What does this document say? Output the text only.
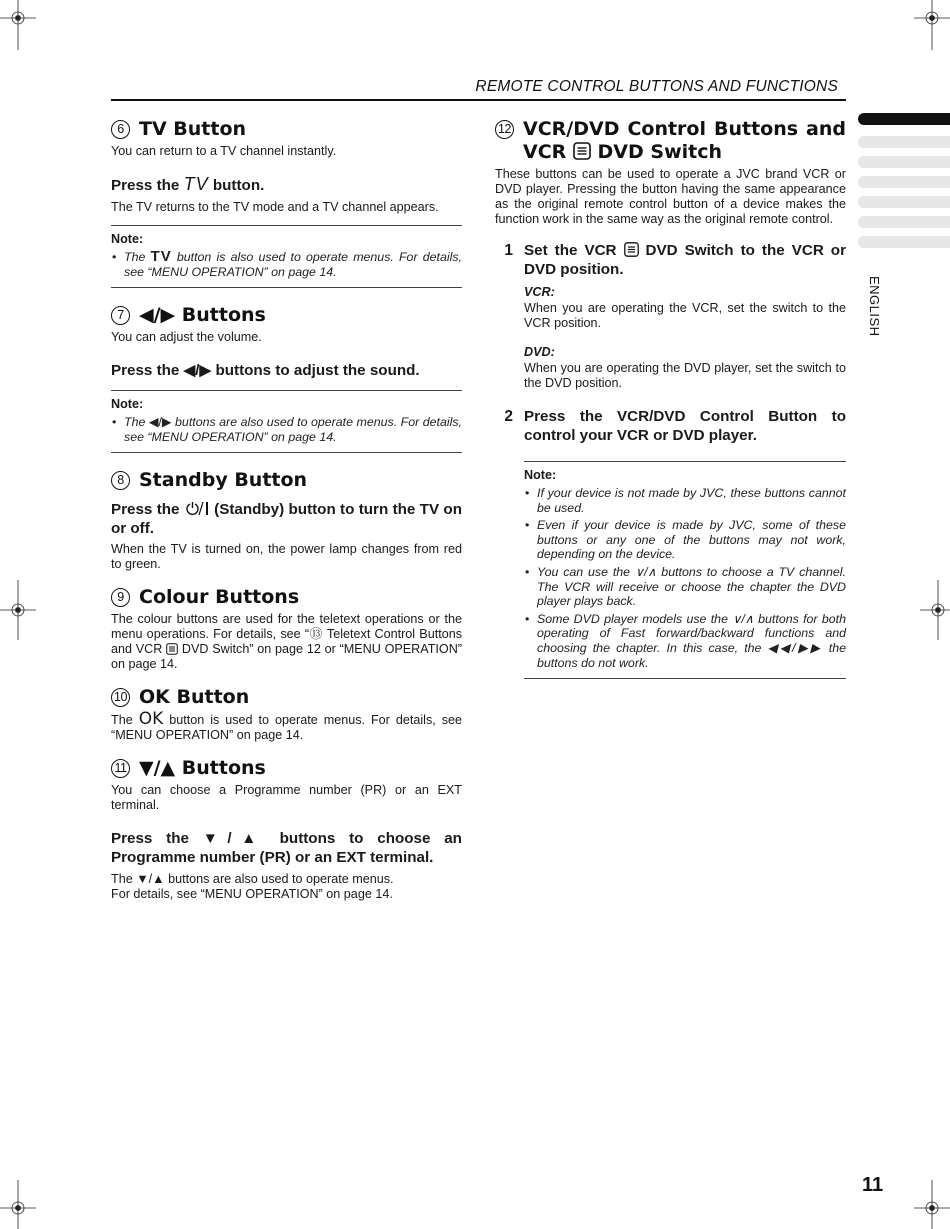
REMOTE CONTROL BUTTONS AND FUNCTIONS
ENGLISH
6 TV Button

You can return to a TV channel instantly.

Press the TV button.

The TV returns to the TV mode and a TV channel appears.

Note:
• The TV button is also used to operate menus. For details, see “MENU OPERATION” on page 14.
7 ◀/▶ Buttons

You can adjust the volume.

Press the ◀/▶ buttons to adjust the sound.

Note:
• The ◀/▶ buttons are also used to operate menus. For details, see “MENU OPERATION” on page 14.
8 Standby Button

Press the (Standby) button to turn the TV on or off.

When the TV is turned on, the power lamp changes from red to green.

9 Colour Buttons

The colour buttons are used for the teletext operations or the menu operations. For details, see “⑬ Teletext Control Buttons and VCR DVD Switch” on page 12 or “MENU OPERATION” on page 14.

10 OK Button

The OK button is used to operate menus. For details, see “MENU OPERATION” on page 14.

11 ▼/▲ Buttons

You can choose a Programme number (PR) or an EXT terminal.

Press the ▼/▲ buttons to choose an Programme number (PR) or an EXT terminal.

The ▼/▲ buttons are also used to operate menus.
For details, see “MENU OPERATION” on page 14.

12 VCR/DVD Control Buttons and VCR DVD Switch

These buttons can be used to operate a JVC brand VCR or DVD player. Pressing the button having the same appearance as the original remote control button of a device makes the function work in the same way as the original remote control.

1 Set the VCR DVD Switch to the VCR or DVD position.
VCR:

When you are operating the VCR, set the switch to the VCR position.

DVD:

When you are operating the DVD player, set the switch to the DVD position.

2 Press the VCR/DVD Control Button to control your VCR or DVD player.
Note:
• If your device is not made by JVC, these buttons cannot be used.
• Even if your device is made by JVC, some of these buttons or any one of the buttons may not work, depending on the device.
• You can use the ∨/∧ buttons to choose a TV channel. The VCR will receive or choose the chapter the DVD player plays back.
• Some DVD player models use the ∨/∧ buttons for both operating of Fast forward/backward functions and choosing the chapter. In this case, the ◀◀/▶▶ the buttons do not work.
11
